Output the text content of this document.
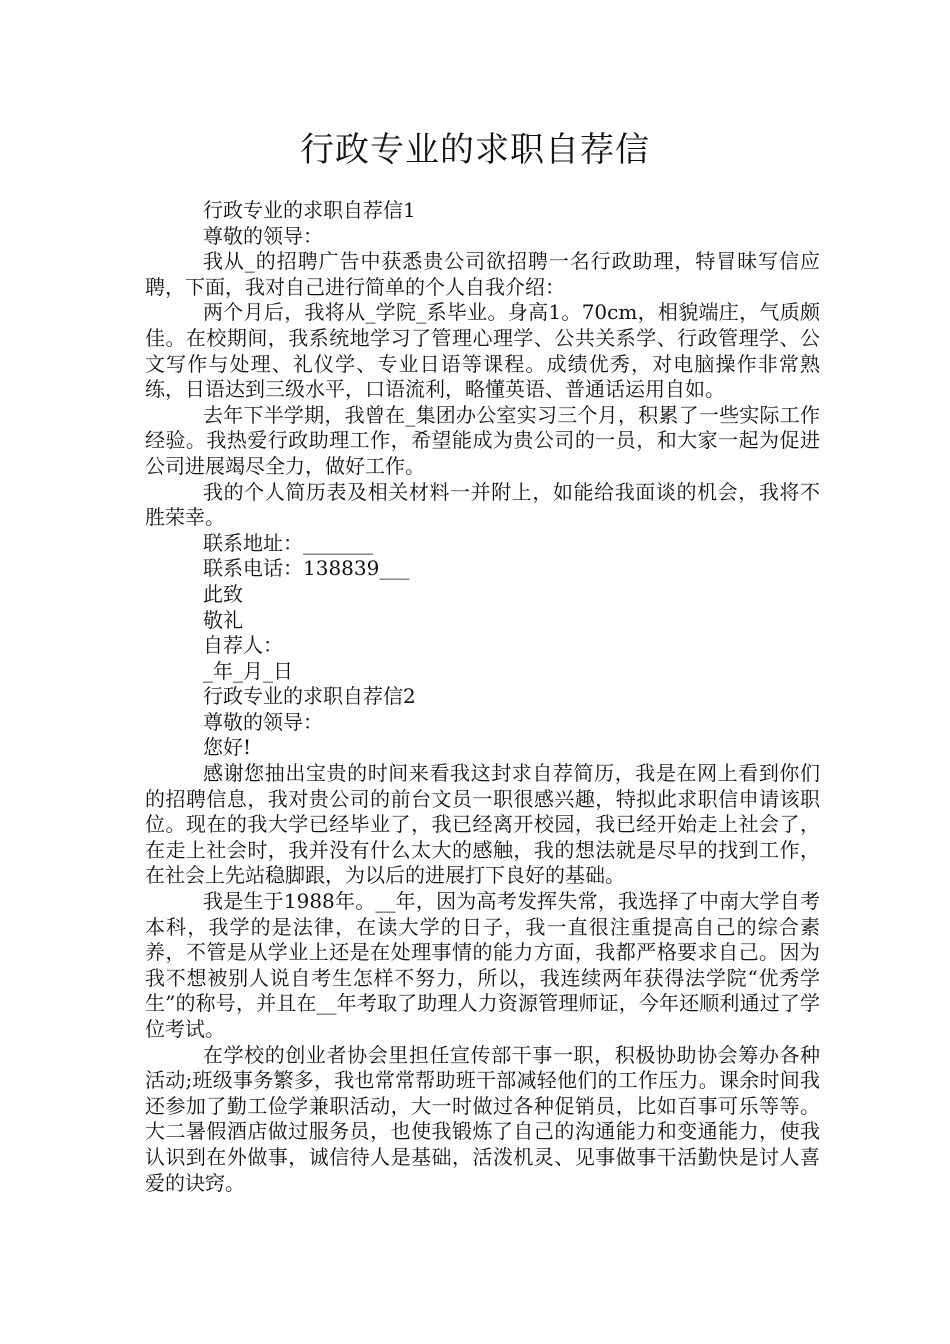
行政专业的求职自荐信

行政专业的求职自荐信1

尊敬的领导：

我从_的招聘广告中获悉贵公司欲招聘一名行政助理，特冒昧写信应聘，下面，我对自己进行简单的个人自我介绍：

两个月后，我将从_学院_系毕业。身高1。70cm，相貌端庄，气质颇佳。在校期间，我系统地学习了管理心理学、公共关系学、行政管理学、公文写作与处理、礼仪学、专业日语等课程。成绩优秀，对电脑操作非常熟练，日语达到三级水平，口语流利，略懂英语、普通话运用自如。

去年下半学期，我曾在_集团办公室实习三个月，积累了一些实际工作经验。我热爱行政助理工作，希望能成为贵公司的一员，和大家一起为促进公司进展竭尽全力，做好工作。

我的个人简历表及相关材料一并附上，如能给我面谈的机会，我将不胜荣幸。

联系地址：_______

联系电话：138839___

此致

敬礼

自荐人：

_年_月_日

行政专业的求职自荐信2

尊敬的领导：

您好!

感谢您抽出宝贵的时间来看我这封求自荐简历，我是在网上看到你们的招聘信息，我对贵公司的前台文员一职很感兴趣，特拟此求职信申请该职位。现在的我大学已经毕业了，我已经离开校园，我已经开始走上社会了，在走上社会时，我并没有什么太大的感触，我的想法就是尽早的找到工作，在社会上先站稳脚跟，为以后的进展打下良好的基础。

我是生于1988年。__年，因为高考发挥失常，我选择了中南大学自考本科，我学的是法律，在读大学的日子，我一直很注重提高自己的综合素养，不管是从学业上还是在处理事情的能力方面，我都严格要求自己。因为我不想被别人说自考生怎样不努力，所以，我连续两年获得法学院“优秀学生”的称号，并且在__年考取了助理人力资源管理师证，今年还顺利通过了学位考试。

在学校的创业者协会里担任宣传部干事一职，积极协助协会筹办各种活动;班级事务繁多，我也常常帮助班干部减轻他们的工作压力。课余时间我还参加了勤工俭学兼职活动，大一时做过各种促销员，比如百事可乐等等。大二暑假酒店做过服务员，也使我锻炼了自己的沟通能力和变通能力，使我认识到在外做事，诚信待人是基础，活泼机灵、见事做事干活勤快是讨人喜爱的诀窍。
